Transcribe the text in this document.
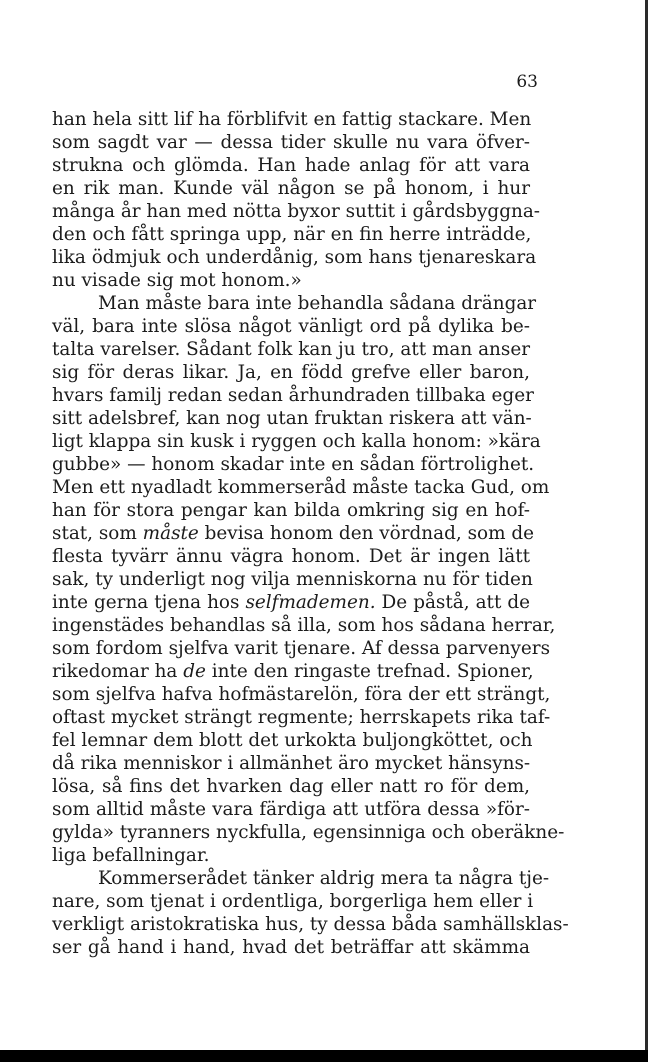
63
han hela sitt lif ha förblifvit en fattig stackare. Men
som sagdt var — dessa tider skulle nu vara öfver-
strukna och glömda. Han hade anlag för att vara
en rik man. Kunde väl någon se på honom, i hur
många år han med nötta byxor suttit i gårdsbyggna-
den och fått springa upp, när en fin herre inträdde,
lika ödmjuk och underdånig, som hans tjenareskara
nu visade sig mot honom.»
Man måste bara inte behandla sådana drängar
väl, bara inte slösa något vänligt ord på dylika be-
talta varelser. Sådant folk kan ju tro, att man anser
sig för deras likar. Ja, en född grefve eller baron,
hvars familj redan sedan århundraden tillbaka eger
sitt adelsbref, kan nog utan fruktan riskera att vän-
ligt klappa sin kusk i ryggen och kalla honom: »kära
gubbe» — honom skadar inte en sådan förtrolighet.
Men ett nyadladt kommerseråd måste tacka Gud, om
han för stora pengar kan bilda omkring sig en hof-
stat, som måste bevisa honom den vördnad, som de
flesta tyvärr ännu vägra honom. Det är ingen lätt
sak, ty underligt nog vilja menniskorna nu för tiden
inte gerna tjena hos selfmademen. De påstå, att de
ingenstädes behandlas så illa, som hos sådana herrar,
som fordom sjelfva varit tjenare. Af dessa parvenyers
rikedomar ha de inte den ringaste trefnad. Spioner,
som sjelfva hafva hofmästarelön, föra der ett strängt,
oftast mycket strängt regmente; herrskapets rika taf-
fel lemnar dem blott det urkokta buljongköttet, och
då rika menniskor i allmänhet äro mycket hänsyns-
lösa, så fins det hvarken dag eller natt ro för dem,
som alltid måste vara färdiga att utföra dessa »för-
gylda» tyranners nyckfulla, egensinniga och oberäkne-
liga befallningar.
Kommerserådet tänker aldrig mera ta några tje-
nare, som tjenat i ordentliga, borgerliga hem eller i
verkligt aristokratiska hus, ty dessa båda samhällsklas-
ser gå hand i hand, hvad det beträffar att skämma
